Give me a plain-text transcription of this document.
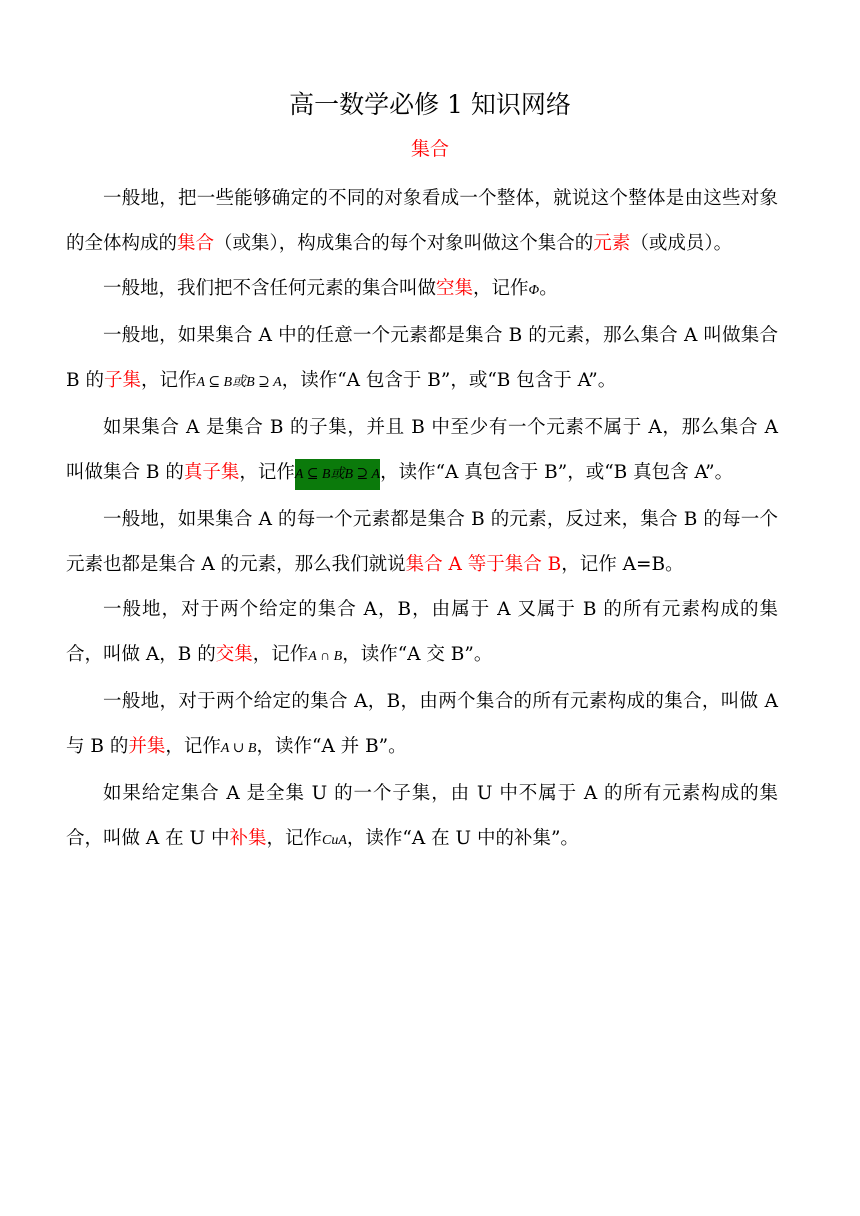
高一数学必修 1 知识网络
集合

一般地，把一些能够确定的不同的对象看成一个整体，就说这个整体是由这些对象的全体构成的集合（或集），构成集合的每个对象叫做这个集合的元素（或成员）。

一般地，我们把不含任何元素的集合叫做空集，记作Φ。

一般地，如果集合 A 中的任意一个元素都是集合 B 的元素，那么集合 A 叫做集合 B 的子集，记作A ⊆ B或B ⊇ A，读作“A 包含于 B”，或“B 包含于 A”。

如果集合 A 是集合 B 的子集，并且 B 中至少有一个元素不属于 A，那么集合 A 叫做集合 B 的真子集，记作A ⊆ B或B ⊇ A，读作“A 真包含于 B”，或“B 真包含 A”。

一般地，如果集合 A 的每一个元素都是集合 B 的元素，反过来，集合 B 的每一个元素也都是集合 A 的元素，那么我们就说集合 A 等于集合 B，记作 A=B。

一般地，对于两个给定的集合 A，B，由属于 A 又属于 B 的所有元素构成的集合，叫做 A，B 的交集，记作A ∩ B，读作“A 交 B”。

一般地，对于两个给定的集合 A，B，由两个集合的所有元素构成的集合，叫做 A 与 B 的并集，记作A ∪ B，读作“A 并 B”。

如果给定集合 A 是全集 U 的一个子集，由 U 中不属于 A 的所有元素构成的集合，叫做 A 在 U 中补集，记作CuA，读作“A 在 U 中的补集”。
